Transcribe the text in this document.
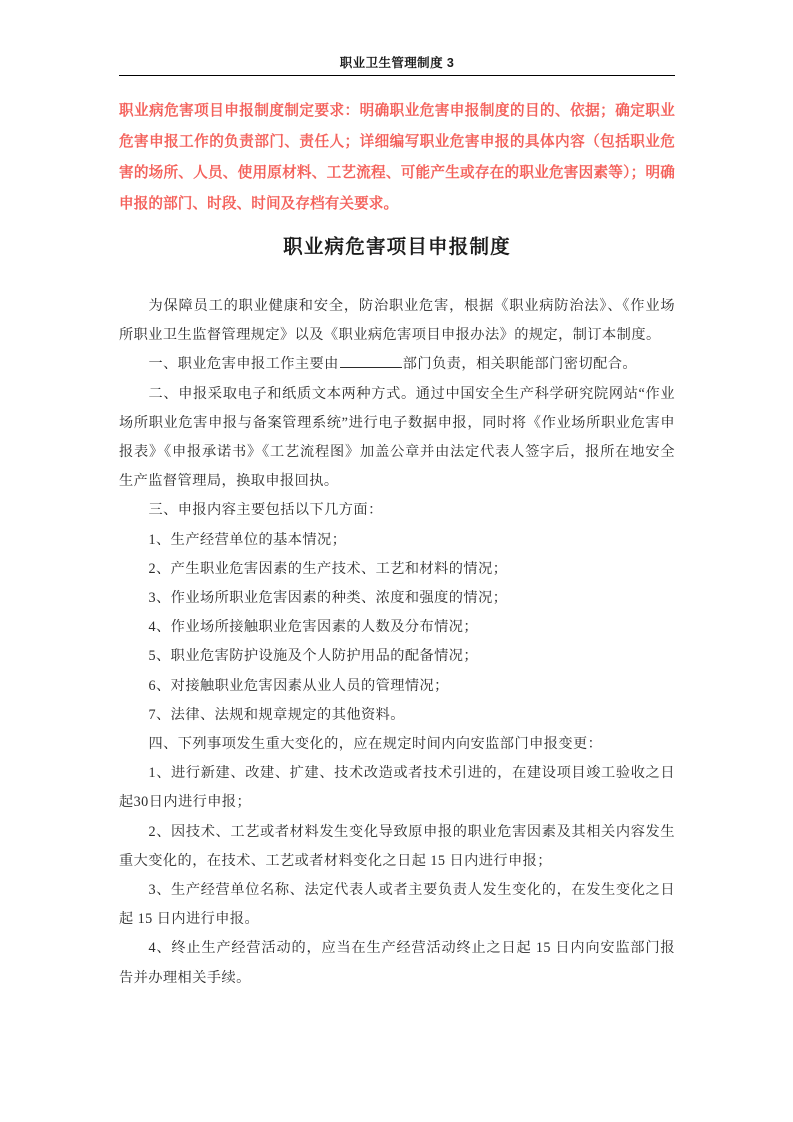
职业卫生管理制度 3

职业病危害项目申报制度制定要求：明确职业危害申报制度的目的、依据；确定职业危害申报工作的负责部门、责任人；详细编写职业危害申报的具体内容（包括职业危害的场所、人员、使用原材料、工艺流程、可能产生或存在的职业危害因素等）；明确申报的部门、时段、时间及存档有关要求。

职业病危害项目申报制度

为保障员工的职业健康和安全，防治职业危害，根据《职业病防治法》、《作业场所职业卫生监督管理规定》以及《职业病危害项目申报办法》的规定，制订本制度。

一、职业危害申报工作主要由	部门负责，相关职能部门密切配合。

二、申报采取电子和纸质文本两种方式。通过中国安全生产科学研究院网站“作业场所职业危害申报与备案管理系统”进行电子数据申报，同时将《作业场所职业危害申报表》《申报承诺书》《工艺流程图》加盖公章并由法定代表人签字后，报所在地安全生产监督管理局，换取申报回执。

三、申报内容主要包括以下几方面：

1、生产经营单位的基本情况；

2、产生职业危害因素的生产技术、工艺和材料的情况；

3、作业场所职业危害因素的种类、浓度和强度的情况；

4、作业场所接触职业危害因素的人数及分布情况；

5、职业危害防护设施及个人防护用品的配备情况；

6、对接触职业危害因素从业人员的管理情况；

7、法律、法规和规章规定的其他资料。

四、下列事项发生重大变化的，应在规定时间内向安监部门申报变更：

1、进行新建、改建、扩建、技术改造或者技术引进的，在建设项目竣工验收之日起30日内进行申报；

2、因技术、工艺或者材料发生变化导致原申报的职业危害因素及其相关内容发生重大变化的，在技术、工艺或者材料变化之日起 15 日内进行申报；

3、生产经营单位名称、法定代表人或者主要负责人发生变化的，在发生变化之日起 15 日内进行申报。

4、终止生产经营活动的，应当在生产经营活动终止之日起 15 日内向安监部门报告并办理相关手续。
